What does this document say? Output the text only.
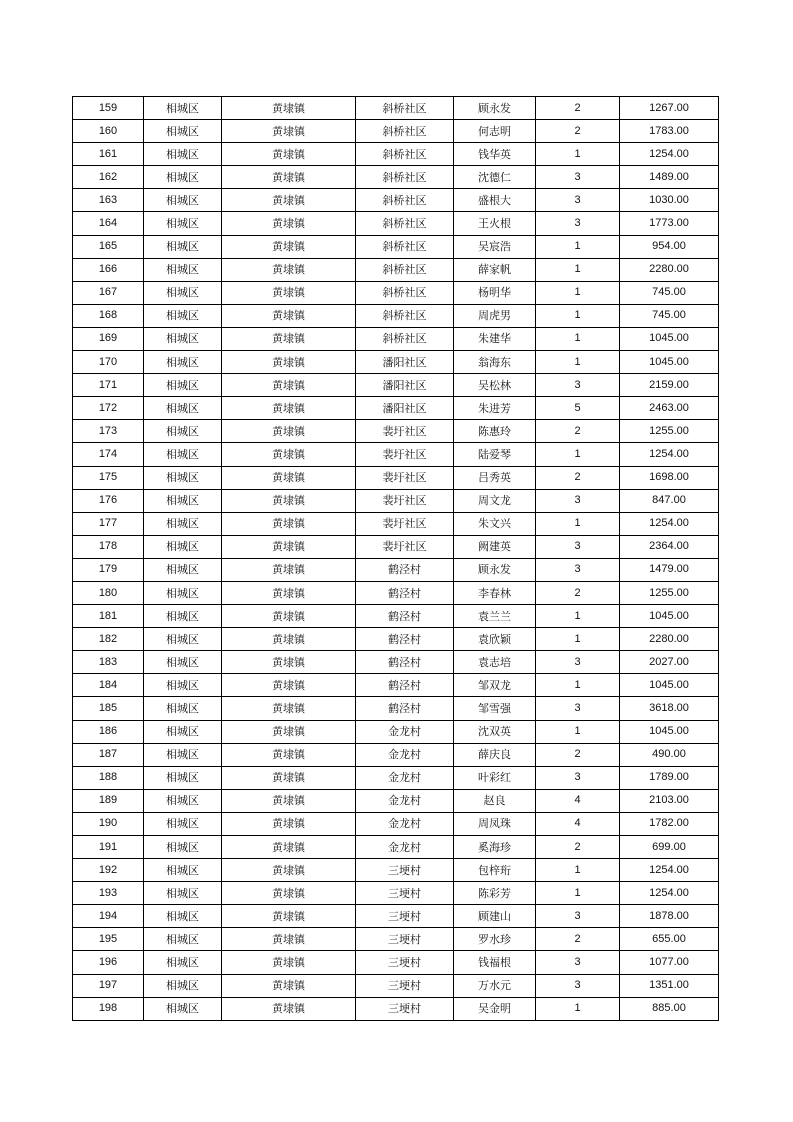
159	相城区	黄埭镇	斜桥社区	顾永发	2	1267.00
160	相城区	黄埭镇	斜桥社区	何志明	2	1783.00
161	相城区	黄埭镇	斜桥社区	钱华英	1	1254.00
162	相城区	黄埭镇	斜桥社区	沈德仁	3	1489.00
163	相城区	黄埭镇	斜桥社区	盛根大	3	1030.00
164	相城区	黄埭镇	斜桥社区	王火根	3	1773.00
165	相城区	黄埭镇	斜桥社区	吴宸浩	1	954.00
166	相城区	黄埭镇	斜桥社区	薛家帆	1	2280.00
167	相城区	黄埭镇	斜桥社区	杨明华	1	745.00
168	相城区	黄埭镇	斜桥社区	周虎男	1	745.00
169	相城区	黄埭镇	斜桥社区	朱建华	1	1045.00
170	相城区	黄埭镇	潘阳社区	翁海东	1	1045.00
171	相城区	黄埭镇	潘阳社区	吴松林	3	2159.00
172	相城区	黄埭镇	潘阳社区	朱进芳	5	2463.00
173	相城区	黄埭镇	裴圩社区	陈惠玲	2	1255.00
174	相城区	黄埭镇	裴圩社区	陆爱琴	1	1254.00
175	相城区	黄埭镇	裴圩社区	吕秀英	2	1698.00
176	相城区	黄埭镇	裴圩社区	周文龙	3	847.00
177	相城区	黄埭镇	裴圩社区	朱文兴	1	1254.00
178	相城区	黄埭镇	裴圩社区	阙建英	3	2364.00
179	相城区	黄埭镇	鹤泾村	顾永发	3	1479.00
180	相城区	黄埭镇	鹤泾村	李春林	2	1255.00
181	相城区	黄埭镇	鹤泾村	袁兰兰	1	1045.00
182	相城区	黄埭镇	鹤泾村	袁欣颖	1	2280.00
183	相城区	黄埭镇	鹤泾村	袁志培	3	2027.00
184	相城区	黄埭镇	鹤泾村	邹双龙	1	1045.00
185	相城区	黄埭镇	鹤泾村	邹雪强	3	3618.00
186	相城区	黄埭镇	金龙村	沈双英	1	1045.00
187	相城区	黄埭镇	金龙村	薛庆良	2	490.00
188	相城区	黄埭镇	金龙村	叶彩红	3	1789.00
189	相城区	黄埭镇	金龙村	赵良	4	2103.00
190	相城区	黄埭镇	金龙村	周凤珠	4	1782.00
191	相城区	黄埭镇	金龙村	奚海珍	2	699.00
192	相城区	黄埭镇	三埂村	包梓珩	1	1254.00
193	相城区	黄埭镇	三埂村	陈彩芳	1	1254.00
194	相城区	黄埭镇	三埂村	顾建山	3	1878.00
195	相城区	黄埭镇	三埂村	罗水珍	2	655.00
196	相城区	黄埭镇	三埂村	钱福根	3	1077.00
197	相城区	黄埭镇	三埂村	万水元	3	1351.00
198	相城区	黄埭镇	三埂村	吴金明	1	885.00
